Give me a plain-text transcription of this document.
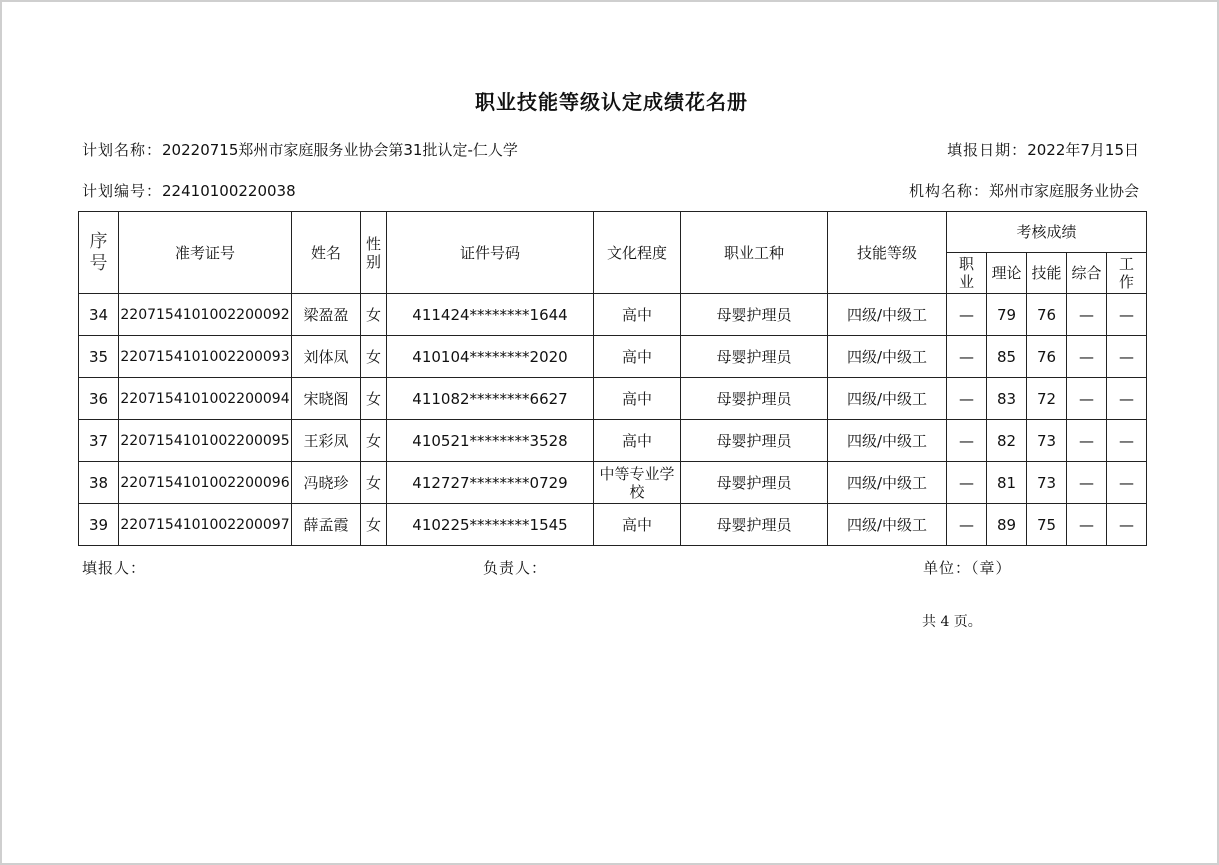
职业技能等级认定成绩花名册
计划名称：20220715郑州市家庭服务业协会第31批认定-仁人学	填报日期：2022年7月15日
计划编号：22410100220038	机构名称：郑州市家庭服务业协会
序号	准考证号	姓名	性别	证件号码	文化程度	职业工种	技能等级	考核成绩				
								职业	理论	技能	综合	工作
34	2207154101002200092	梁盈盈	女	411424********1644	高中	母婴护理员	四级/中级工	—	79	76	—	—
35	2207154101002200093	刘体凤	女	410104********2020	高中	母婴护理员	四级/中级工	—	85	76	—	—
36	2207154101002200094	宋晓阁	女	411082********6627	高中	母婴护理员	四级/中级工	—	83	72	—	—
37	2207154101002200095	王彩凤	女	410521********3528	高中	母婴护理员	四级/中级工	—	82	73	—	—
38	2207154101002200096	冯晓珍	女	412727********0729	中等专业学校	母婴护理员	四级/中级工	—	81	73	—	—
39	2207154101002200097	薛孟霞	女	410225********1545	高中	母婴护理员	四级/中级工	—	89	75	—	—
填报人：	负责人：	单位：（章）
共 4 页。
